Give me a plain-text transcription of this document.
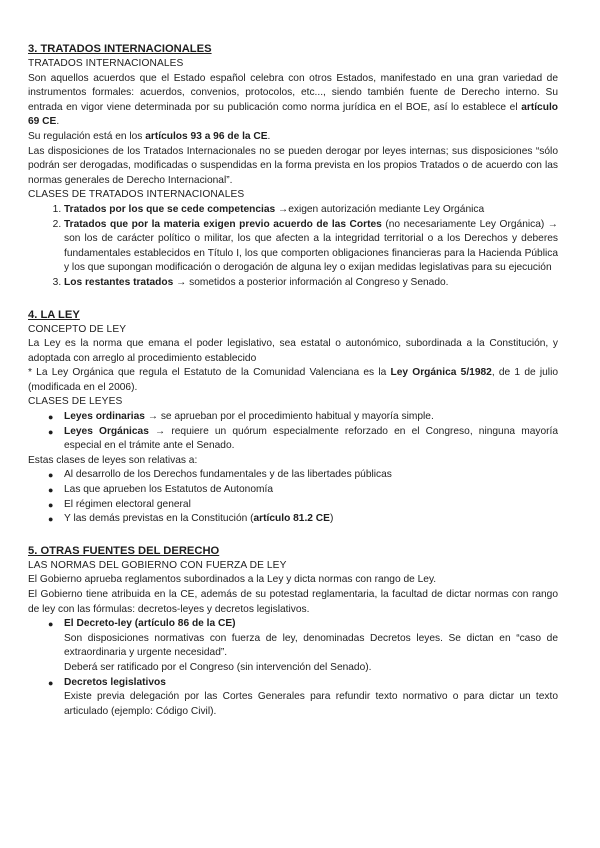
3. TRATADOS INTERNACIONALES

TRATADOS INTERNACIONALES

Son aquellos acuerdos que el Estado español celebra con otros Estados, manifestado en una gran variedad de instrumentos formales: acuerdos, convenios, protocolos, etc..., siendo también fuente de Derecho interno. Su entrada en vigor viene determinada por su publicación como norma jurídica en el BOE, así lo establece el artículo 69 CE.

Su regulación está en los artículos 93 a 96 de la CE.

Las disposiciones de los Tratados Internacionales no se pueden derogar por leyes internas; sus disposiciones “sólo podrán ser derogadas, modificadas o suspendidas en la forma prevista en los propios Tratados o de acuerdo con las normas generales de Derecho Internacional”.

CLASES DE TRATADOS INTERNACIONALES

1. Tratados por los que se cede competencias →exigen autorización mediante Ley Orgánica
2. Tratados que por la materia exigen previo acuerdo de las Cortes (no necesariamente Ley Orgánica) → son los de carácter político o militar, los que afecten a la integridad territorial o a los Derechos y deberes fundamentales establecidos en Título I, los que comporten obligaciones financieras para la Hacienda Pública y los que supongan modificación o derogación de alguna ley o exijan medidas legislativas para su ejecución
3. Los restantes tratados → sometidos a posterior información al Congreso y Senado.
4. LA LEY

CONCEPTO DE LEY

La Ley es la norma que emana el poder legislativo, sea estatal o autonómico, subordinada a la Constitución, y adoptada con arreglo al procedimiento establecido

* La Ley Orgánica que regula el Estatuto de la Comunidad Valenciana es la Ley Orgánica 5/1982, de 1 de julio (modificada en el 2006).

CLASES DE LEYES

● Leyes ordinarias → se aprueban por el procedimiento habitual y mayoría simple.
● Leyes Orgánicas → requiere un quórum especialmente reforzado en el Congreso, ninguna mayoría especial en el trámite ante el Senado.

Estas clases de leyes son relativas a:

● Al desarrollo de los Derechos fundamentales y de las libertades públicas
● Las que aprueben los Estatutos de Autonomía
● El régimen electoral general
● Y las demás previstas en la Constitución (artículo 81.2 CE)
5. OTRAS FUENTES DEL DERECHO

LAS NORMAS DEL GOBIERNO CON FUERZA DE LEY

El Gobierno aprueba reglamentos subordinados a la Ley y dicta normas con rango de Ley.

El Gobierno tiene atribuida en la CE, además de su potestad reglamentaria, la facultad de dictar normas con rango de ley con las fórmulas: decretos-leyes y decretos legislativos.

● El Decreto-ley (artículo 86 de la CE)

Son disposiciones normativas con fuerza de ley, denominadas Decretos leyes. Se dictan en “caso de extraordinaria y urgente necesidad”.

Deberá ser ratificado por el Congreso (sin intervención del Senado).

● Decretos legislativos

Existe previa delegación por las Cortes Generales para refundir texto normativo o para dictar un texto articulado (ejemplo: Código Civil).
